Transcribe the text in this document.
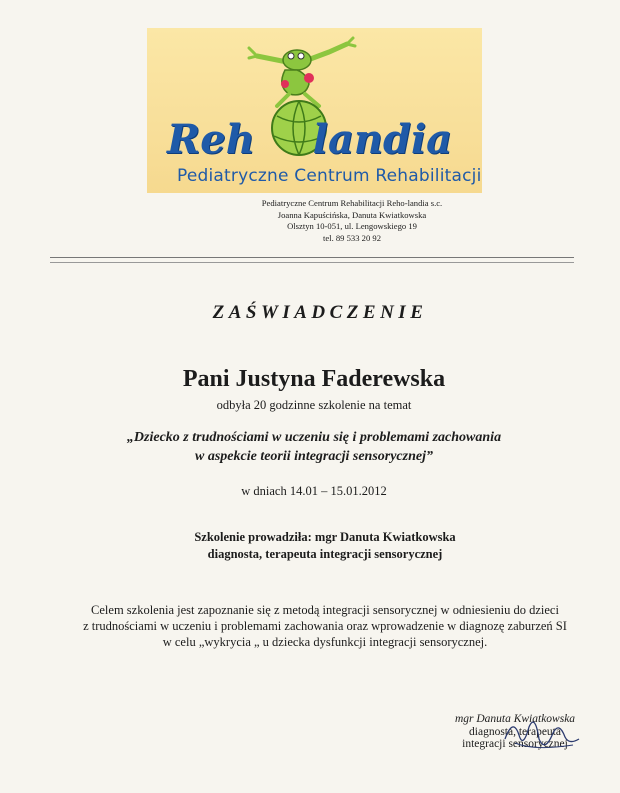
Reh landia
Pediatryczne Centrum Rehabilitacji
Pediatryczne Centrum Rehabilitacji Reho-landia s.c.
Joanna Kapuścińska, Danuta Kwiatkowska
Olsztyn 10-051, ul. Lengowskiego 19
tel. 89 533 20 92
ZAŚWIADCZENIE
Pani Justyna Faderewska
odbyła 20 godzinne szkolenie na temat
„Dziecko z trudnościami w uczeniu się i problemami zachowania
w aspekcie teorii integracji sensorycznej”
w dniach 14.01 – 15.01.2012
Szkolenie prowadziła: mgr Danuta Kwiatkowska
diagnosta, terapeuta integracji sensorycznej
Celem szkolenia jest zapoznanie się z metodą integracji sensorycznej w odniesieniu do dzieci
z trudnościami w uczeniu i problemami zachowania oraz wprowadzenie w diagnozę zaburzeń SI
w celu „wykrycia „ u dziecka dysfunkcji integracji sensorycznej.
mgr Danuta Kwiatkowska
diagnosta, terapeuta
integracji sensorycznej
